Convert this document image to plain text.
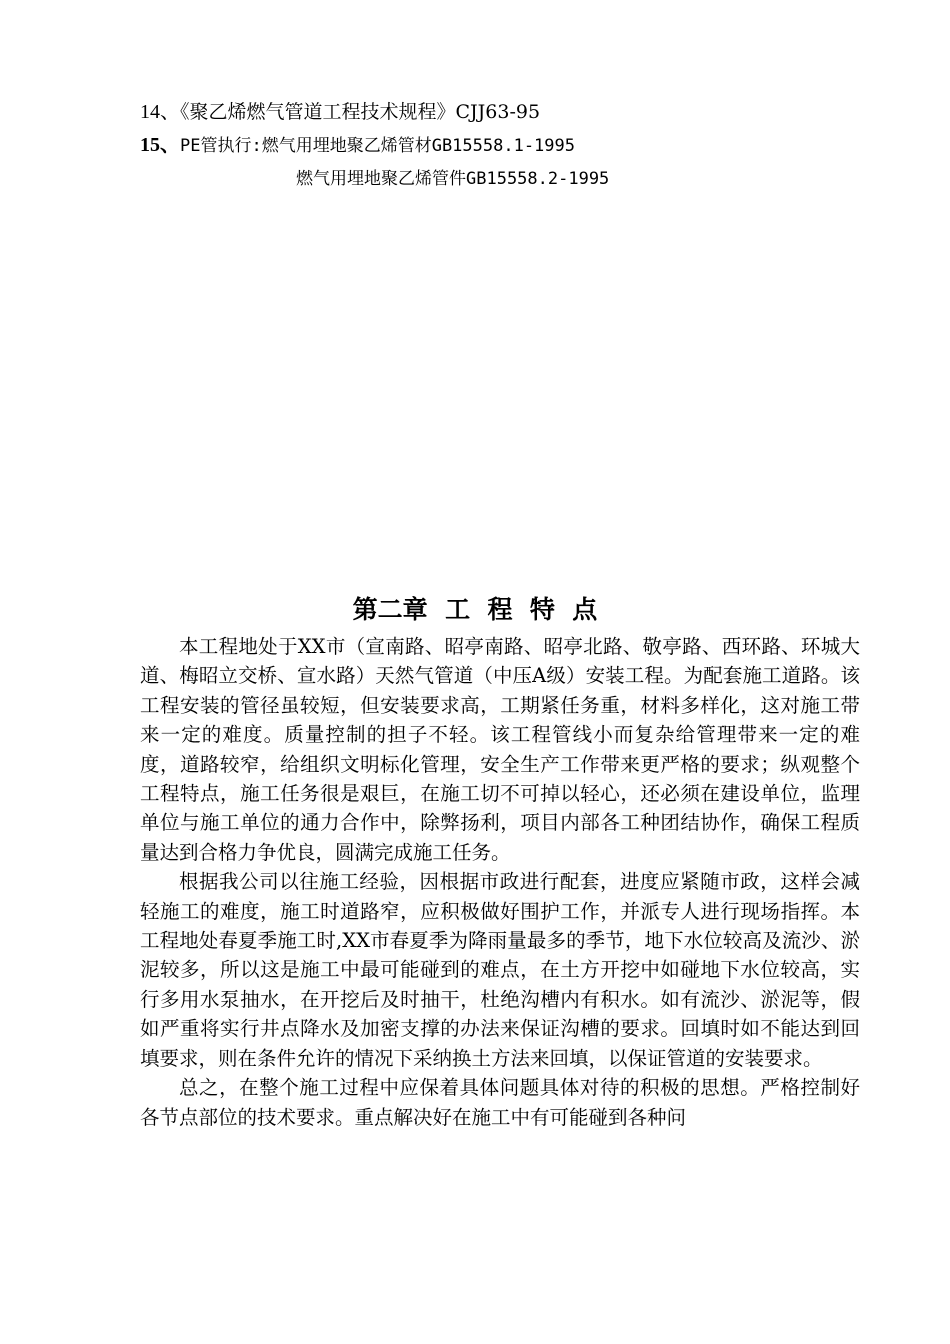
14、《聚乙烯燃气管道工程技术规程》CJJ63-95
15、PE管执行:燃气用埋地聚乙烯管材GB15558.1-1995
燃气用埋地聚乙烯管件GB15558.2-1995
第二章  工  程  特  点

本工程地处于XX市（宣南路、昭亭南路、昭亭北路、敬亭路、西环路、环城大道、梅昭立交桥、宣水路）天然气管道（中压A级）安装工程。为配套施工道路。该工程安装的管径虽较短，但安装要求高，工期紧任务重，材料多样化，这对施工带来一定的难度。质量控制的担子不轻。该工程管线小而复杂给管理带来一定的难度，道路较窄，给组织文明标化管理，安全生产工作带来更严格的要求；纵观整个工程特点，施工任务很是艰巨，在施工切不可掉以轻心，还必须在建设单位，监理单位与施工单位的通力合作中，除弊扬利，项目内部各工种团结协作，确保工程质量达到合格力争优良，圆满完成施工任务。

根据我公司以往施工经验，因根据市政进行配套，进度应紧随市政，这样会减轻施工的难度，施工时道路窄，应积极做好围护工作，并派专人进行现场指挥。本工程地处春夏季施工时,XX市春夏季为降雨量最多的季节，地下水位较高及流沙、淤泥较多，所以这是施工中最可能碰到的难点，在土方开挖中如碰地下水位较高，实行多用水泵抽水，在开挖后及时抽干，杜绝沟槽内有积水。如有流沙、淤泥等，假如严重将实行井点降水及加密支撑的办法来保证沟槽的要求。回填时如不能达到回填要求，则在条件允许的情况下采纳换土方法来回填，以保证管道的安装要求。

总之，在整个施工过程中应保着具体问题具体对待的积极的思想。严格控制好各节点部位的技术要求。重点解决好在施工中有可能碰到各种问
